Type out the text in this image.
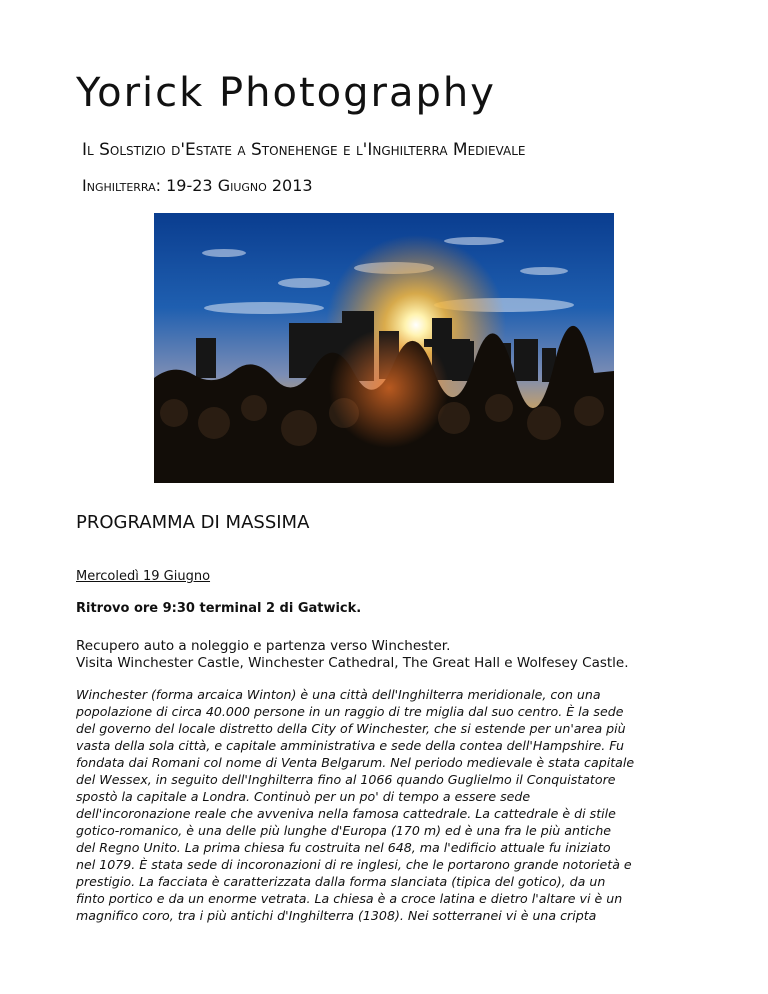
Yorick Photography
Il Solstizio d'Estate a Stonehenge e l'Inghilterra Medievale
Inghilterra: 19-23 Giugno 2013
PROGRAMMA DI MASSIMA
Mercoledì 19 Giugno
Ritrovo ore 9:30 terminal 2 di Gatwick.
Recupero auto a noleggio e partenza verso Winchester.
Visita Winchester Castle, Winchester Cathedral, The Great Hall e Wolfesey Castle.
Winchester (forma arcaica Winton) è una città dell'Inghilterra meridionale, con una
popolazione di circa 40.000 persone in un raggio di tre miglia dal suo centro. È la sede
del governo del locale distretto della City of Winchester, che si estende per un'area più
vasta della sola città, e capitale amministrativa e sede della contea dell'Hampshire. Fu
fondata dai Romani col nome di Venta Belgarum. Nel periodo medievale è stata capitale
del Wessex, in seguito dell'Inghilterra fino al 1066 quando Guglielmo il Conquistatore
spostò la capitale a Londra. Continuò per un po' di tempo a essere sede
dell'incoronazione reale che avveniva nella famosa cattedrale. La cattedrale è di stile
gotico-romanico, è una delle più lunghe d'Europa (170 m) ed è una fra le più antiche
del Regno Unito. La prima chiesa fu costruita nel 648, ma l'edificio attuale fu iniziato
nel 1079. È stata sede di incoronazioni di re inglesi, che le portarono grande notorietà e
prestigio. La facciata è caratterizzata dalla forma slanciata (tipica del gotico), da un
finto portico e da un enorme vetrata. La chiesa è a croce latina e dietro l'altare vi è un
magnifico coro, tra i più antichi d'Inghilterra (1308). Nei sotterranei vi è una cripta
